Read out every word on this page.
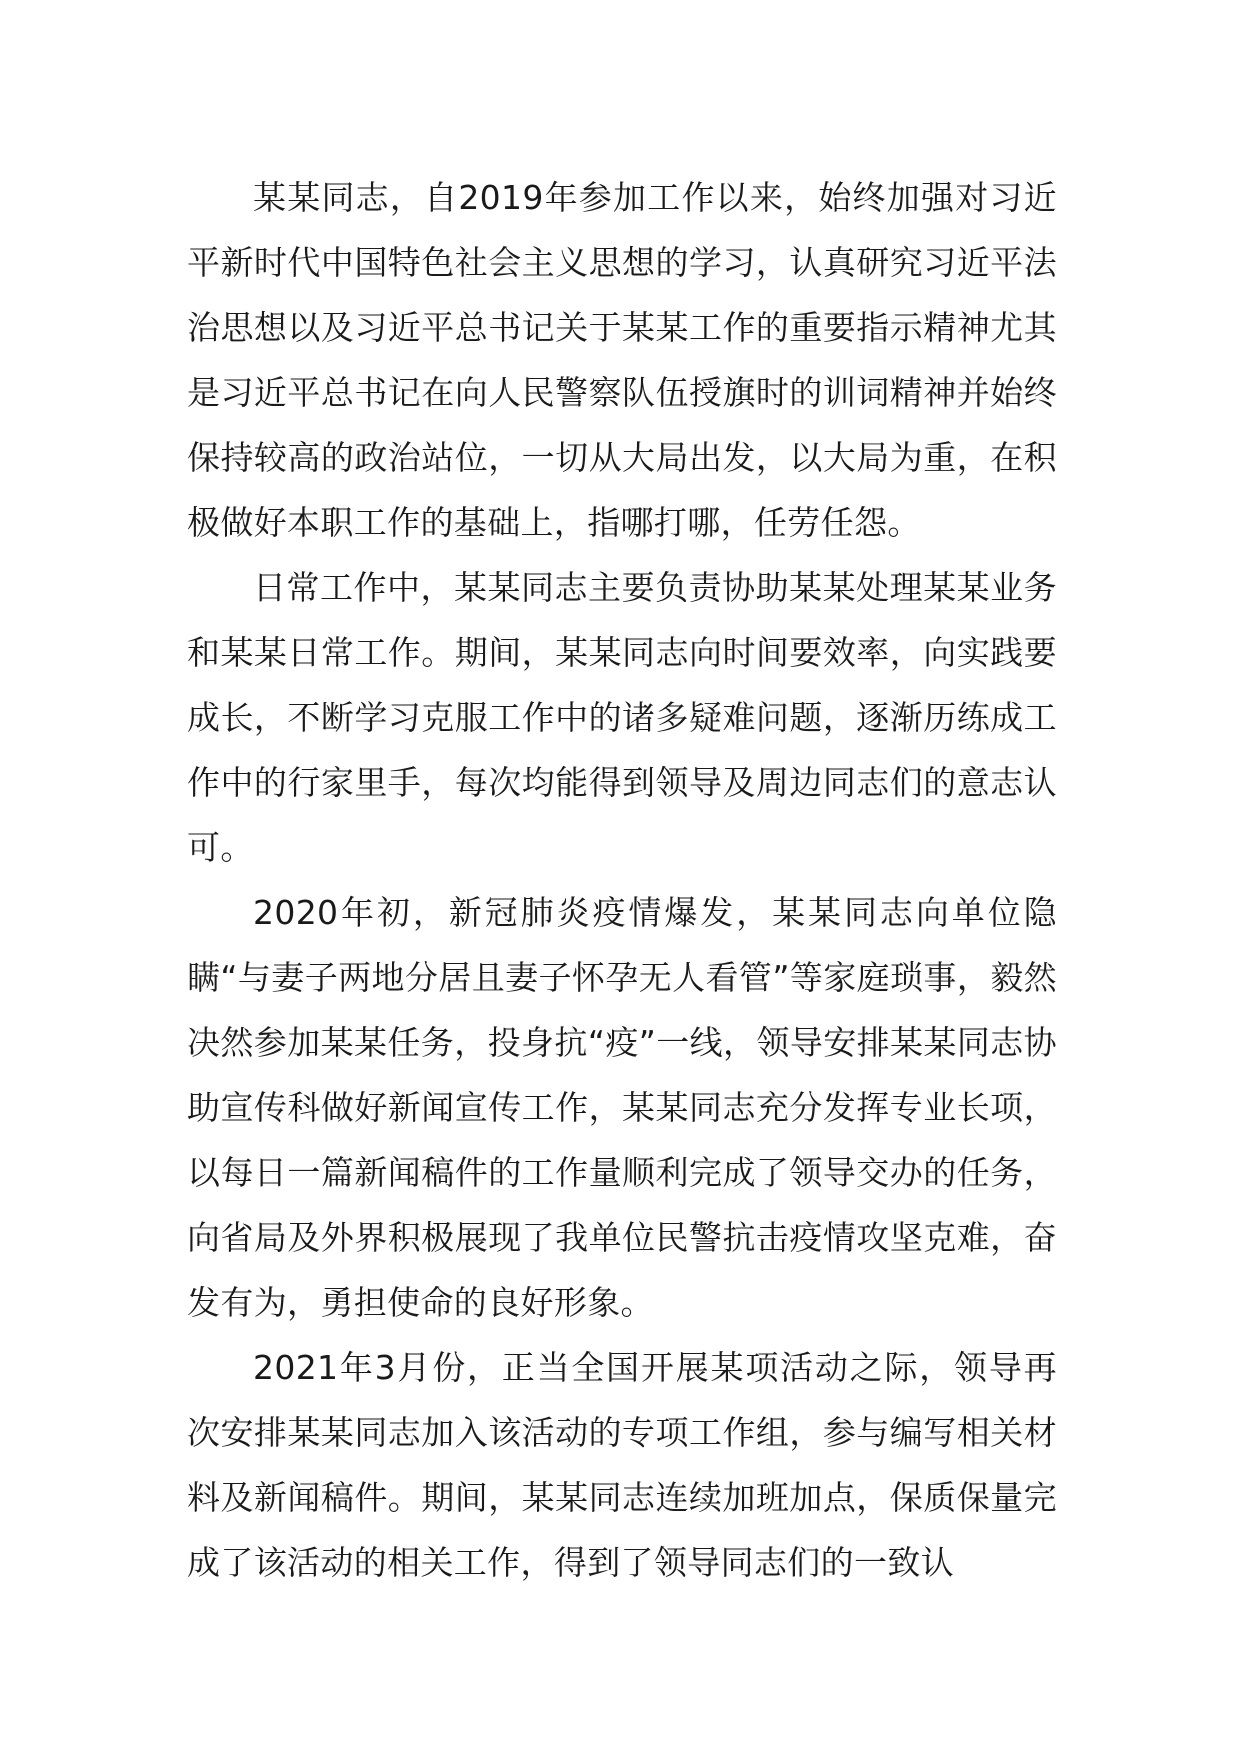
某某同志，自2019年参加工作以来，始终加强对习近平新时代中国特色社会主义思想的学习，认真研究习近平法治思想以及习近平总书记关于某某工作的重要指示精神尤其是习近平总书记在向人民警察队伍授旗时的训词精神并始终保持较高的政治站位，一切从大局出发，以大局为重，在积极做好本职工作的基础上，指哪打哪，任劳任怨。

日常工作中，某某同志主要负责协助某某处理某某业务和某某日常工作。期间，某某同志向时间要效率，向实践要成长，不断学习克服工作中的诸多疑难问题，逐渐历练成工作中的行家里手，每次均能得到领导及周边同志们的意志认可。

2020年初，新冠肺炎疫情爆发，某某同志向单位隐瞒“与妻子两地分居且妻子怀孕无人看管”等家庭琐事，毅然决然参加某某任务，投身抗“疫”一线，领导安排某某同志协助宣传科做好新闻宣传工作，某某同志充分发挥专业长项，以每日一篇新闻稿件的工作量顺利完成了领导交办的任务，向省局及外界积极展现了我单位民警抗击疫情攻坚克难，奋发有为，勇担使命的良好形象。

2021年3月份，正当全国开展某项活动之际，领导再次安排某某同志加入该活动的专项工作组，参与编写相关材料及新闻稿件。期间，某某同志连续加班加点，保质保量完成了该活动的相关工作，得到了领导同志们的一致认
